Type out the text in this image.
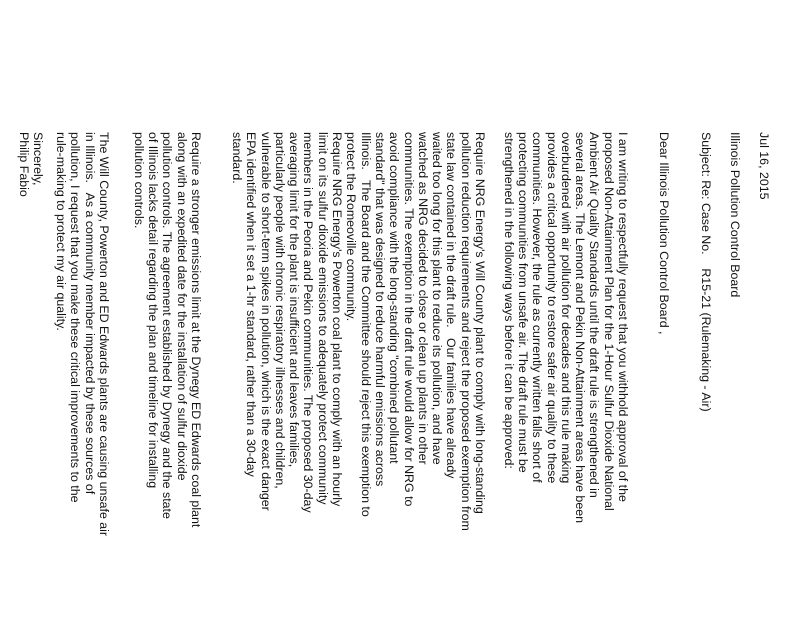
Jul 16, 2015

Illinois Pollution Control Board

Subject: Re: Case No.    R15-21 (Rulemaking - Air)

Dear Illinois Pollution Control Board ,

I am writing to respectfully request that you withhold approval of the
proposed Non-Attainment Plan for the 1-Hour Sulfur Dioxide National
Ambient Air Quality Standards until the draft rule is strengthened in
several areas. The Lemont and Pekin Non-Attainment areas have been
overburdened with air pollution for decades and this rule making
provides a critical opportunity to restore safer air quality to these
communities. However, the rule as currently written falls short of
protecting communities from unsafe air. The draft rule must be
strengthened in the following ways before it can be approved:

Require NRG Energy's Will County plant to comply with long-standing
pollution reduction requirements and reject the proposed exemption from
state law contained in the draft rule.   Our families have already
waited too long for this plant to reduce its pollution, and have
watched as NRG decided to close or clean up plants in other
communities. The exemption in the draft rule would allow for NRG to
avoid compliance with the long-standing "combined pollutant
standard" that was designed to reduce harmful emissions across
Illinois.   The Board and the Committee should reject this exemption to
protect the Romeoville community.

Require NRG Energy's Powerton coal plant to comply with an hourly
limit on its sulfur dioxide emissions to adequately protect community
members in the Peoria and Pekin communities. The proposed 30-day
averaging limit for the plant is insufficient and leaves families,
particularly people with chronic respiratory illnesses and children,
vulnerable to short-term spikes in pollution, which is the exact danger
EPA identified when it set a 1-hr standard, rather than a 30-day
standard.

Require a stronger emissions limit at the Dynegy ED Edwards coal plant
along with an expedited date for the installation of sulfur dioxide
pollution controls. The agreement established by Dynegy and the state
of Illinois lacks detail regarding the plan and timeline for installing
pollution controls.

The Will County, Powerton and ED Edwards plants are causing unsafe air
in Illinois.   As a community member impacted by these sources of
pollution, I request that you make these critical improvements to the
rule-making to protect my air quality.

Sincerely,

Philip Fabio
